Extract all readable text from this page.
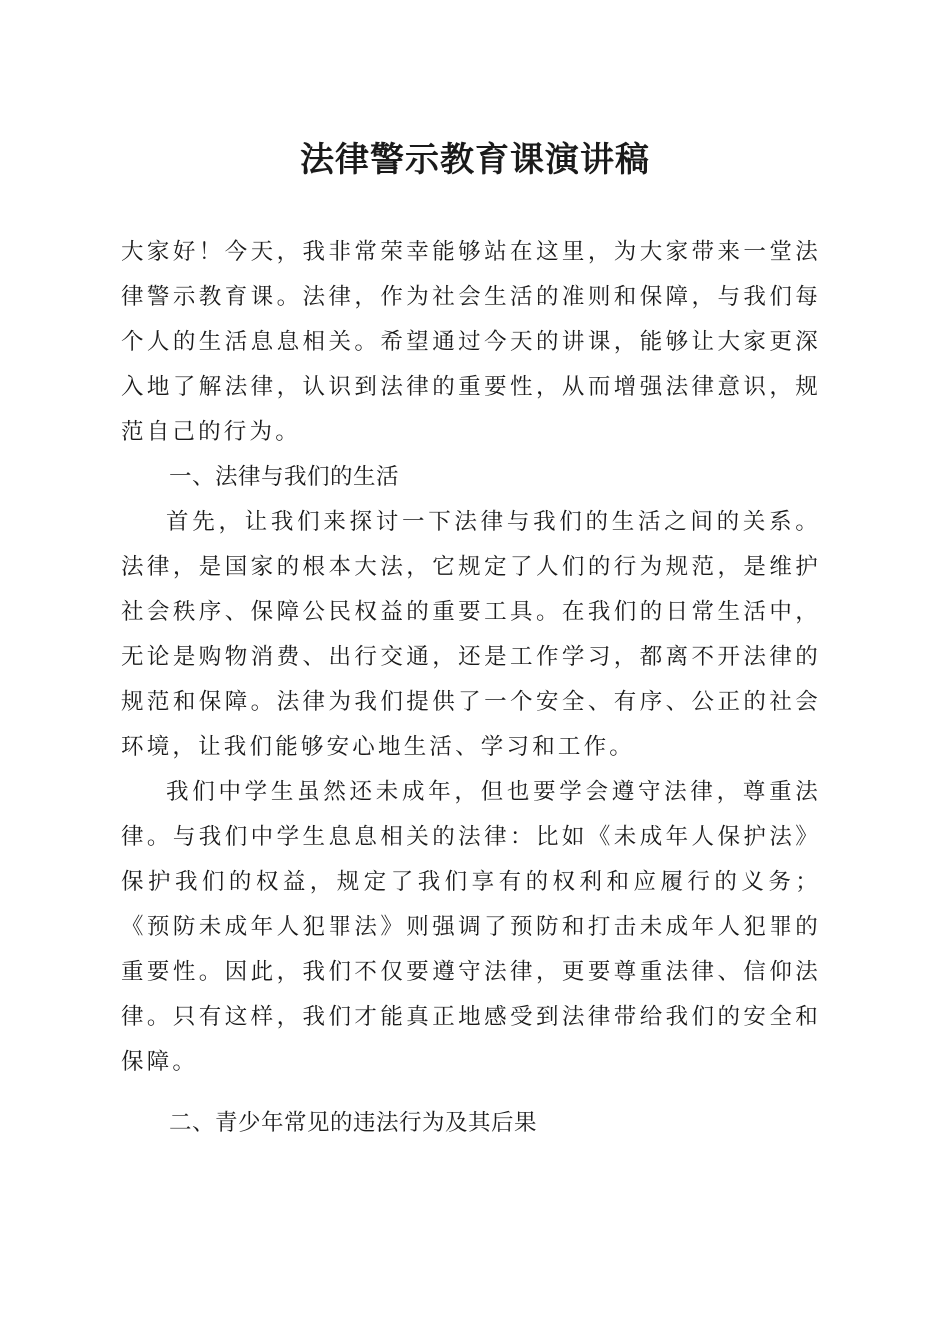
法律警示教育课演讲稿

大家好！今天，我非常荣幸能够站在这里，为大家带来一堂法律警示教育课。法律，作为社会生活的准则和保障，与我们每个人的生活息息相关。希望通过今天的讲课，能够让大家更深入地了解法律，认识到法律的重要性，从而增强法律意识，规范自己的行为。

一、法律与我们的生活

首先，让我们来探讨一下法律与我们的生活之间的关系。法律，是国家的根本大法，它规定了人们的行为规范，是维护社会秩序、保障公民权益的重要工具。在我们的日常生活中，无论是购物消费、出行交通，还是工作学习，都离不开法律的规范和保障。法律为我们提供了一个安全、有序、公正的社会环境，让我们能够安心地生活、学习和工作。

我们中学生虽然还未成年，但也要学会遵守法律，尊重法律。与我们中学生息息相关的法律：比如《未成年人保护法》保护我们的权益，规定了我们享有的权利和应履行的义务；《预防未成年人犯罪法》则强调了预防和打击未成年人犯罪的重要性。因此，我们不仅要遵守法律，更要尊重法律、信仰法律。只有这样，我们才能真正地感受到法律带给我们的安全和保障。

二、青少年常见的违法行为及其后果
